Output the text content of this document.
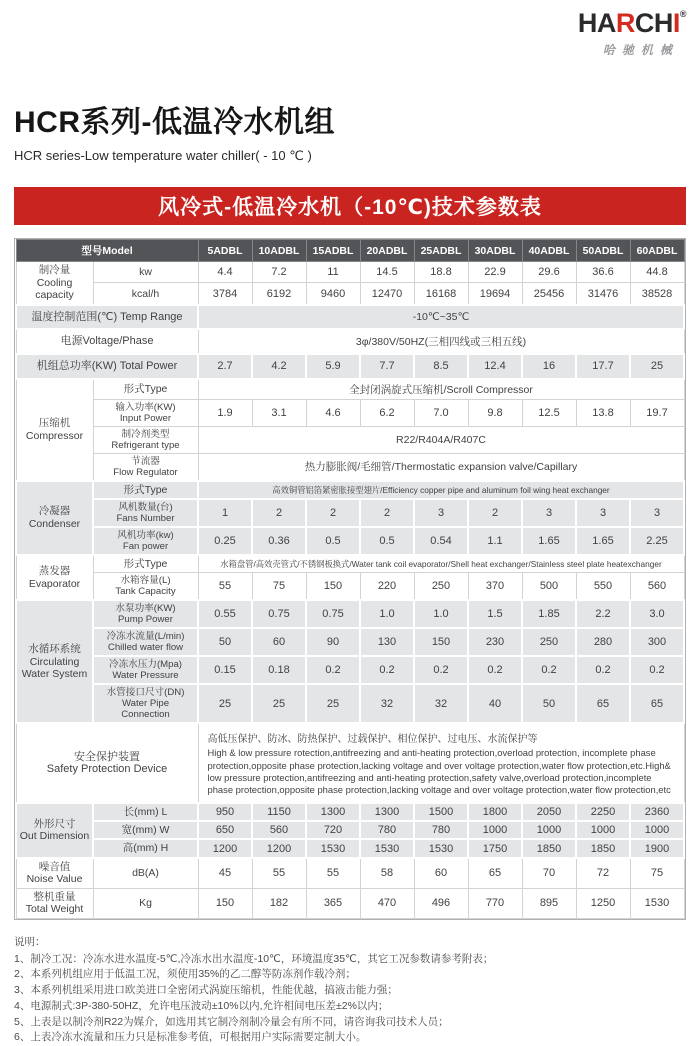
HARCHI®
哈驰机械
HCR系列-低温冷水机组
HCR series-Low temperature water chiller( - 10 ℃ )
风冷式-低温冷水机（-10℃)技术参数表
型号Model		5ADBL	10ADBL	15ADBL	20ADBL	25ADBL	30ADBL	40ADBL	50ADBL	60ADBL

制冷量
Cooling capacity	kw	4.4	7.2	11	14.5	18.8	22.9	29.6	36.6	44.8

	kcal/h	3784	6192	9460	12470	16168	19694	25456	31476	38528

温度控制范围(℃) Temp Range		-10℃~35℃								

电源Voltage/Phase		3φ/380V/50HZ(三相四线或三相五线)								

机组总功率(KW) Total Power		2.7	4.2	5.9	7.7	8.5	12.4	16	17.7	25

压缩机
Compressor	形式Type	全封闭涡旋式压缩机/Scroll Compressor								

	输入功率(KW)
Input Power	1.9	3.1	4.6	6.2	7.0	9.8	12.5	13.8	19.7

	制冷剂类型
Refrigerant type	R22/R404A/R407C								

	节流器
Flow Regulator	热力膨胀阀/毛细管/Thermostatic expansion valve/Capillary								

冷凝器
Condenser	形式Type	高效铜管铝箔紧密胀接型翅片/Efficiency copper pipe and aluminum foil wing heat exchanger								

	风机数量(台)
Fans Number	1	2	2	2	3	2	3	3	3

	风机功率(kw)
Fan power	0.25	0.36	0.5	0.5	0.54	1.1	1.65	1.65	2.25

蒸发器
Evaporator	形式Type	水箱盘管/高效壳管式/不锈钢板换式/Water tank coil evaporator/Shell heat exchanger/Stainless steel plate heatexchanger								

	水箱容量(L)
Tank Capacity	55	75	150	220	250	370	500	550	560

水循环系统
Circulating
Water System

水泵功率(KW)
Pump Power	0.55	0.75	0.75	1.0	1.0	1.5	1.85	2.2	3.0

	冷冻水流量(L/min)
Chilled water flow	50	60	90	130	150	230	250	280	300

	冷冻水压力(Mpa)
Water Pressure	0.15	0.18	0.2	0.2	0.2	0.2	0.2	0.2	0.2

	水管接口尺寸(DN)
Water Pipe
Connection	25	25	25	32	32	40	50	65	65

安全保护装置
Safety Protection Device

高低压保护、防冰、防热保护、过载保护、相位保护、过电压、水流保护等
High & low pressure rotection,antifreezing and anti-heating protection,overload protection, incomplete phase protection,opposite phase protection,lacking voltage and over voltage protection,water flow protection,etc.High& low pressure protection,antifreezing and anti-heating protection,safety valve,overload protection,incomplete phase protection,opposite phase protection,lacking voltage and over voltage protection,water flow protection,etc

外形尺寸
Out Dimension	长(mm) L	950	1150	1300	1300	1500	1800	2050	2250	2360

	宽(mm) W	650	560	720	780	780	1000	1000	1000	1000

	高(mm) H	1200	1200	1530	1530	1530	1750	1850	1850	1900

噪音值
Noise Value	dB(A)	45	55	55	58	60	65	70	72	75

整机重量
Total Weight	Kg	150	182	365	470	496	770	895	1250	1530
说明：
1、制冷工况：冷冻水进水温度-5℃,冷冻水出水温度-10℃，环境温度35℃，其它工况参数请参考附表；
2、本系列机组应用于低温工况，须使用35%的乙二醇等防冻剂作载冷剂；
3、本系列机组采用进口欧美进口全密闭式涡旋压缩机，性能优越，搞液击能力强；
4、电源制式:3P-380-50HZ，允许电压波动±10%以内,允许相间电压差±2%以内；
5、上表是以制冷剂R22为媒介，如选用其它制冷剂制冷量会有所不同，请咨询我司技术人员；
6、上表冷冻水流量和压力只是标准参考值，可根据用户实际需要定制大小。
